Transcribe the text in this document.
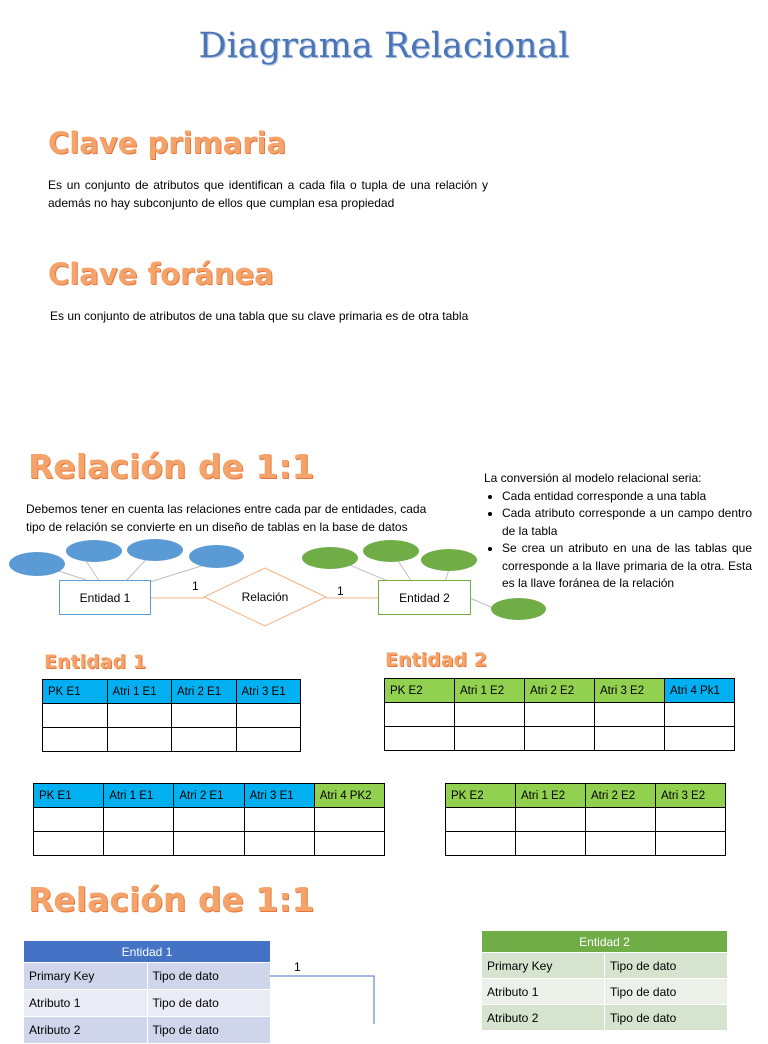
Diagrama Relacional
Clave primaria
Es un conjunto de atributos que identifican a cada fila o tupla de una relación y además no hay subconjunto de ellos que cumplan esa propiedad
Clave foránea
Es un conjunto de atributos de una tabla que su clave primaria es de otra tabla
Relación de 1:1
Debemos tener en cuenta las relaciones entre cada par de entidades, cada tipo de relación se convierte en un diseño de tablas en la base de datos
La conversión al modelo relacional seria:
• Cada entidad corresponde a una tabla
• Cada atributo corresponde a un campo dentro de la tabla
• Se crea un atributo en una de las tablas que corresponde a la llave primaria de la otra. Esta es la llave foránea de la relación
Entidad 1	Entidad 2
Relación
1	1
Entidad 1
PK E1	Atri 1 E1	Atri 2 E1	Atri 3 E1

Entidad 2
PK E2	Atri 1 E2	Atri 2 E2	Atri 3 E2	Atri 4 Pk1

PK E1	Atri 1 E1	Atri 2 E1	Atri 3 E1	Atri 4 PK2

					PK E2	Atri 1 E2	Atri 2 E2	Atri 3 E2

Relación de 1:1
Entidad 1	
Primary Key	Tipo de dato
Atributo 1	Tipo de dato
Atributo 2	Tipo de dato
1
Entidad 2	
Primary Key	Tipo de dato
Atributo 1	Tipo de dato
Atributo 2	Tipo de dato
